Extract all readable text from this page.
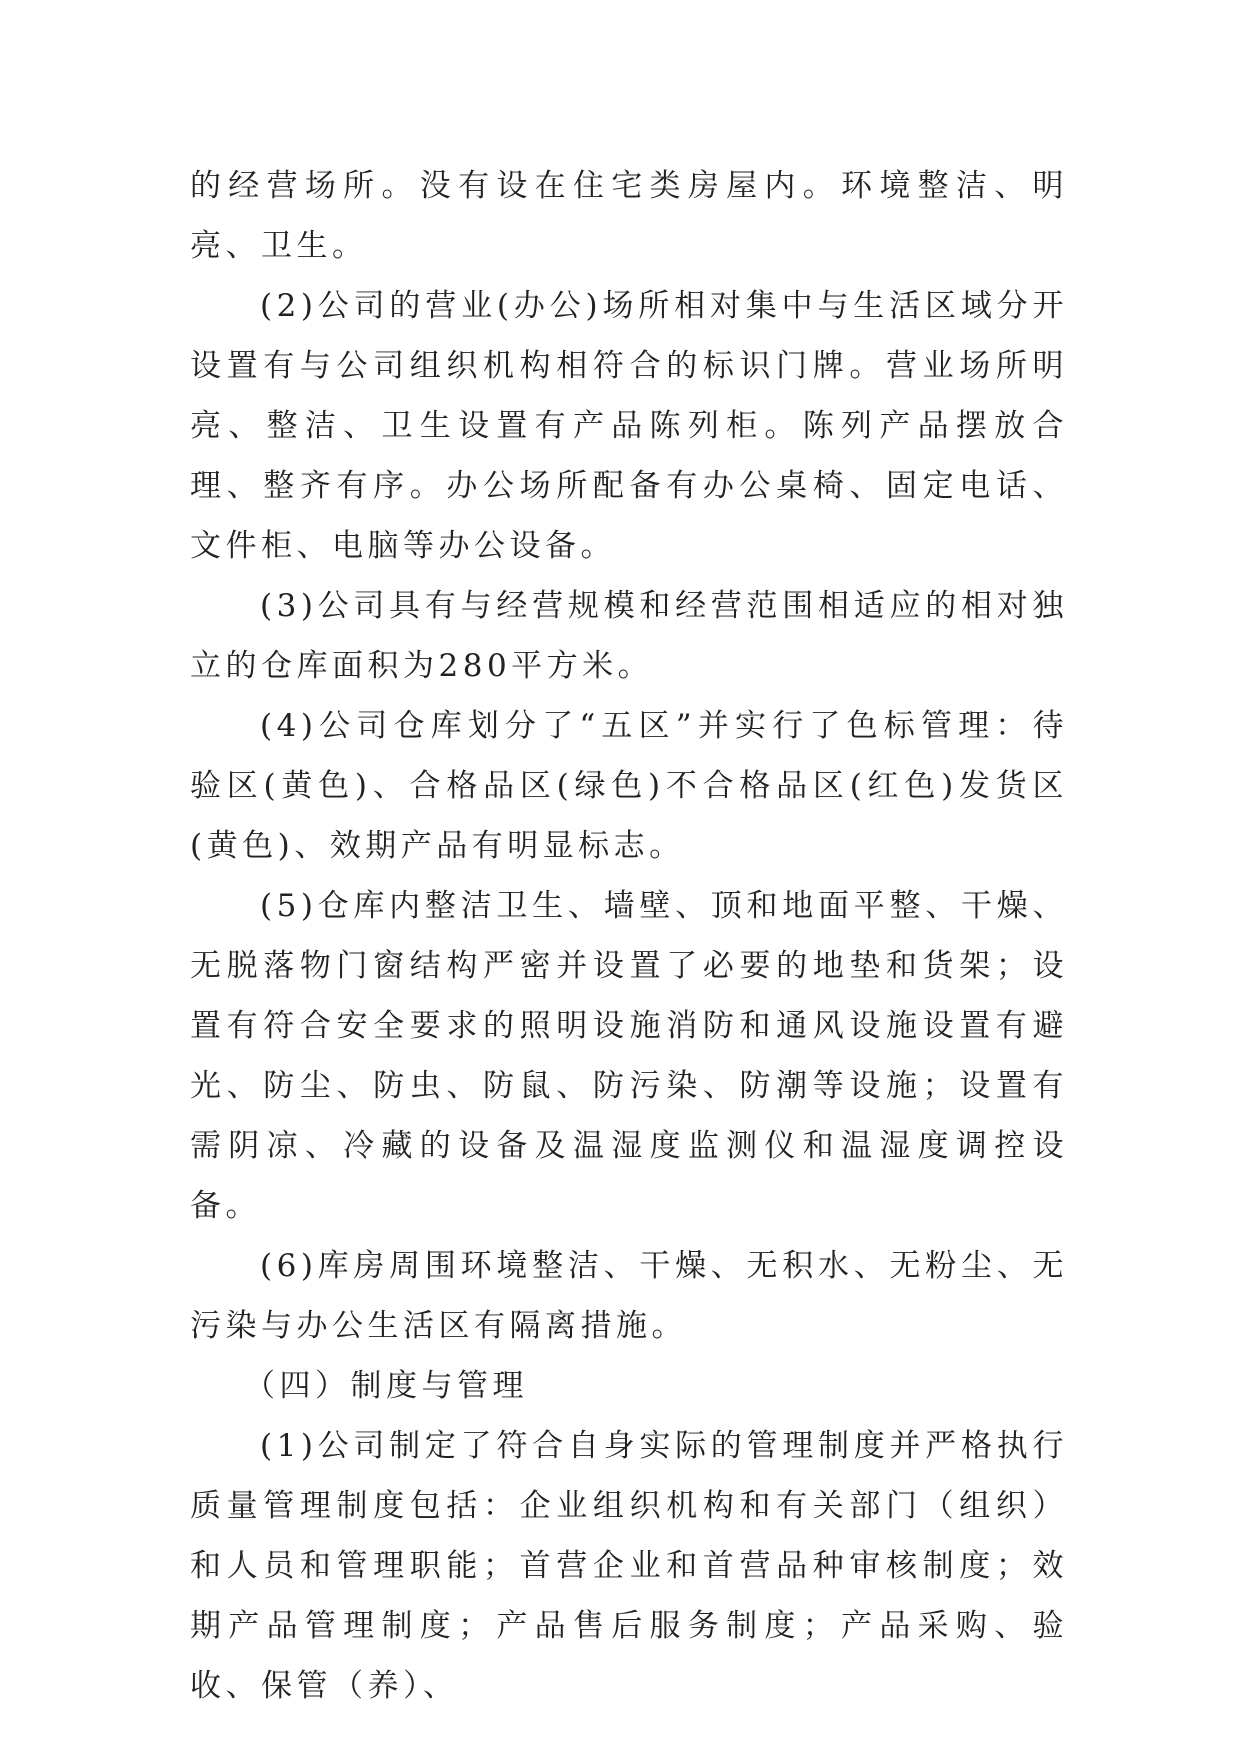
的经营场所。没有设在住宅类房屋内。环境整洁、明亮、卫生。

(2)公司的营业(办公)场所相对集中与生活区域分开设置有与公司组织机构相符合的标识门牌。营业场所明亮、整洁、卫生设置有产品陈列柜。陈列产品摆放合理、整齐有序。办公场所配备有办公桌椅、固定电话、文件柜、电脑等办公设备。

(3)公司具有与经营规模和经营范围相适应的相对独立的仓库面积为280平方米。

(4)公司仓库划分了“五区”并实行了色标管理：待验区(黄色)、合格品区(绿色)不合格品区(红色)发货区(黄色)、效期产品有明显标志。

(5)仓库内整洁卫生、墙壁、顶和地面平整、干燥、无脱落物门窗结构严密并设置了必要的地垫和货架；设置有符合安全要求的照明设施消防和通风设施设置有避光、防尘、防虫、防鼠、防污染、防潮等设施；设置有需阴凉、冷藏的设备及温湿度监测仪和温湿度调控设备。

(6)库房周围环境整洁、干燥、无积水、无粉尘、无污染与办公生活区有隔离措施。

（四）制度与管理

(1)公司制定了符合自身实际的管理制度并严格执行质量管理制度包括：企业组织机构和有关部门（组织）和人员和管理职能；首营企业和首营品种审核制度；效期产品管理制度；产品售后服务制度；产品采购、验收、保管（养）、
